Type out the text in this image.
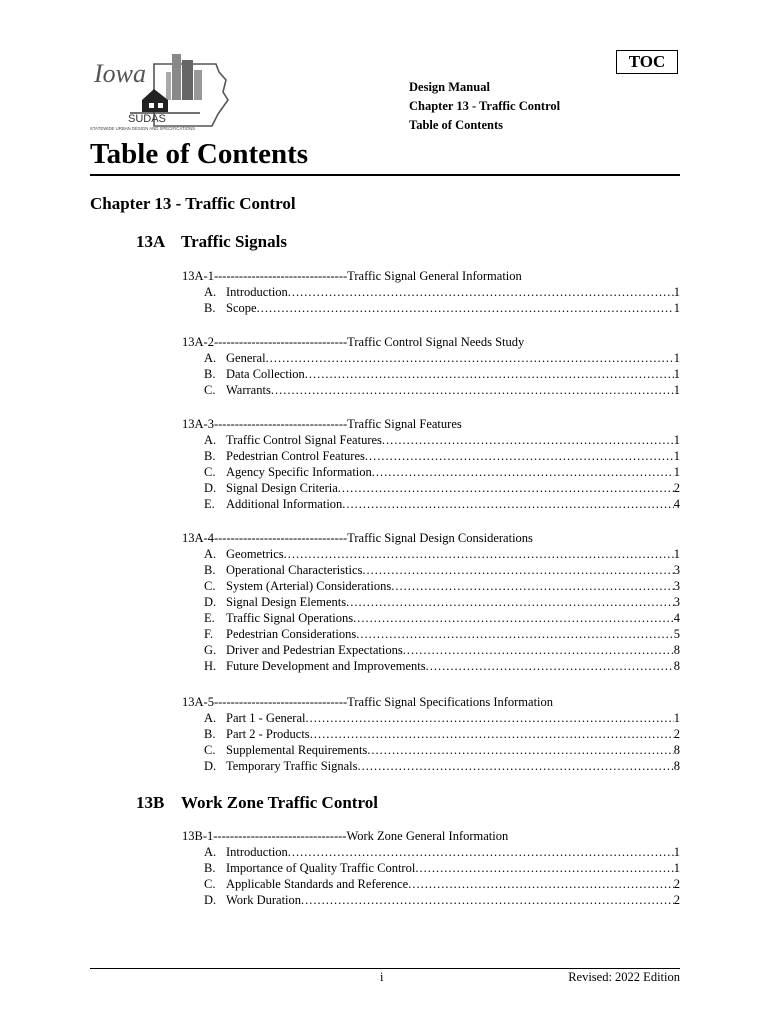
Iowa
SUDAS
STATEWIDE URBAN DESIGN AND SPECIFICATIONS
TOC
Design Manual
Chapter 13 - Traffic Control
Table of Contents
Table of Contents
Chapter 13 - Traffic Control
13A Traffic Signals
13B Work Zone Traffic Control
13A-1--------------------------------Traffic Signal General Information
A. Introduction .....	1
B. Scope .....	1
13A-2--------------------------------Traffic Control Signal Needs Study
A. General .....	1
B. Data Collection .....	1
C. Warrants .....	1
13A-3--------------------------------Traffic Signal Features
A. Traffic Control Signal Features .....	1
B. Pedestrian Control Features .....	1
C. Agency Specific Information .....	1
D. Signal Design Criteria .....	2
E. Additional Information .....	4
13A-4--------------------------------Traffic Signal Design Considerations
A. Geometrics .....	1
B. Operational Characteristics .....	3
C. System (Arterial) Considerations .....	3
D. Signal Design Elements .....	3
E. Traffic Signal Operations .....	4
F.	Pedestrian Considerations .....	5
G. Driver and Pedestrian Expectations .....	8
H. Future Development and Improvements .....	8
13A-5--------------------------------Traffic Signal Specifications Information
A. Part 1 - General .....	1
B. Part 2 - Products .....	2
C. Supplemental Requirements .....	8
D. Temporary Traffic Signals .....	8
13B-1--------------------------------Work Zone General Information
A. Introduction .....	1
B. Importance of Quality Traffic Control .....	1
C. Applicable Standards and Reference .....	2
D. Work Duration .....	2
i	Revised: 2022 Edition
